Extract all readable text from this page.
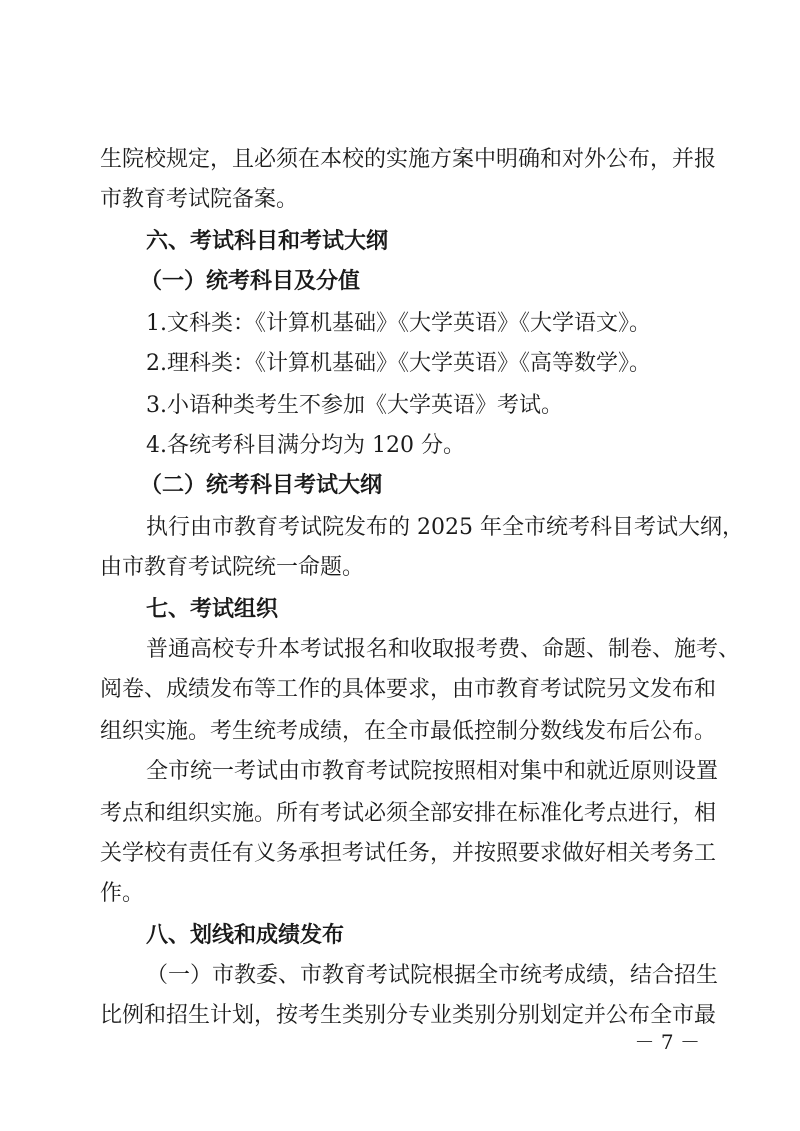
生院校规定，且必须在本校的实施方案中明确和对外公布，并报
市教育考试院备案。
六、考试科目和考试大纲
（一）统考科目及分值
1.文科类：《计算机基础》《大学英语》《大学语文》。
2.理科类：《计算机基础》《大学英语》《高等数学》。
3.小语种类考生不参加《大学英语》考试。
4.各统考科目满分均为 120 分。
（二）统考科目考试大纲
执行由市教育考试院发布的 2025 年全市统考科目考试大纲，
由市教育考试院统一命题。
七、考试组织
普通高校专升本考试报名和收取报考费、命题、制卷、施考、
阅卷、成绩发布等工作的具体要求，由市教育考试院另文发布和
组织实施。考生统考成绩，在全市最低控制分数线发布后公布。
全市统一考试由市教育考试院按照相对集中和就近原则设置
考点和组织实施。所有考试必须全部安排在标准化考点进行，相
关学校有责任有义务承担考试任务，并按照要求做好相关考务工
作。
八、划线和成绩发布
（一）市教委、市教育考试院根据全市统考成绩，结合招生
比例和招生计划，按考生类别分专业类别分别划定并公布全市最
－ 7 －
